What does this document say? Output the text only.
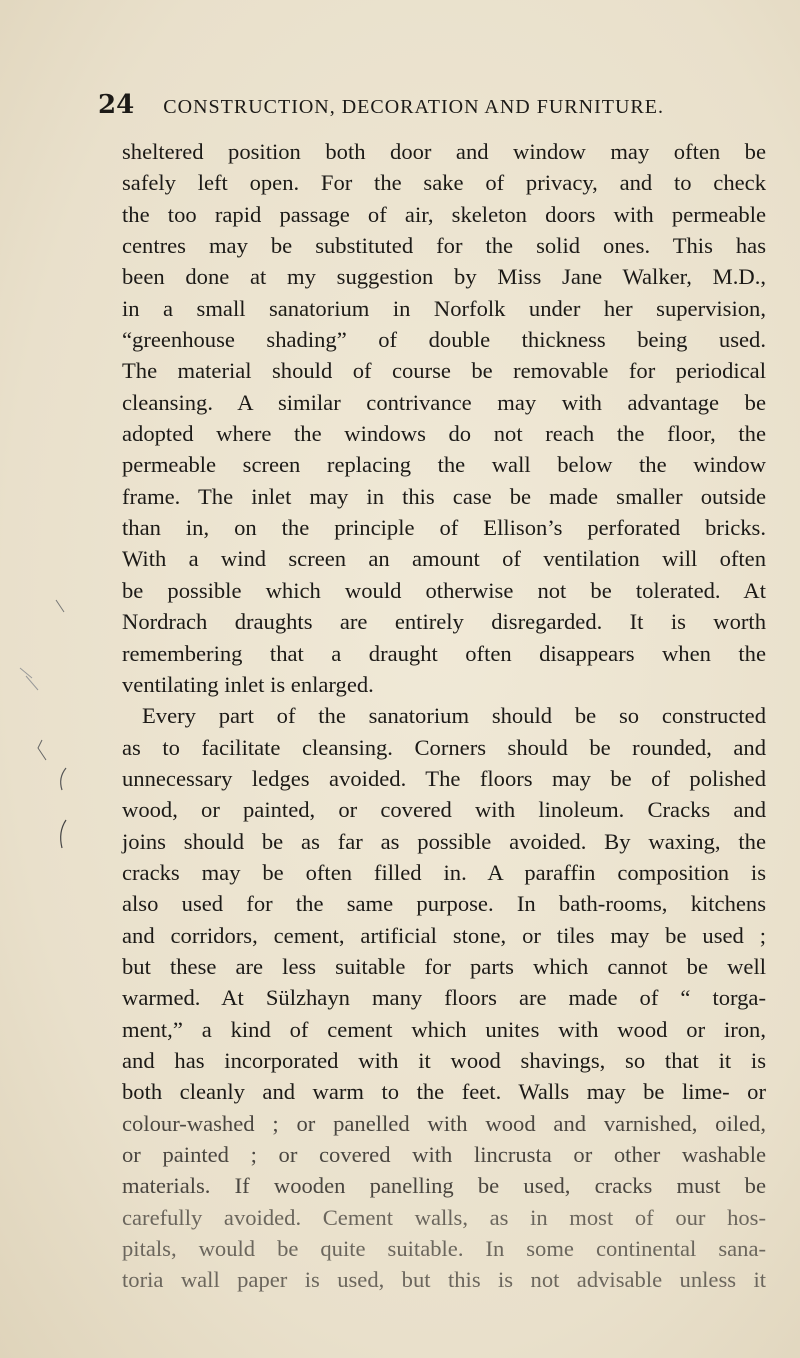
24 CONSTRUCTION, DECORATION AND FURNITURE.
sheltered position both door and window may often be
safely left open. For the sake of privacy, and to check
the too rapid passage of air, skeleton doors with permeable
centres may be substituted for the solid ones. This has
been done at my suggestion by Miss Jane Walker, M.D.,
in a small sanatorium in Norfolk under her supervision,
“greenhouse shading” of double thickness being used.
The material should of course be removable for periodical
cleansing. A similar contrivance may with advantage be
adopted where the windows do not reach the floor, the
permeable screen replacing the wall below the window
frame. The inlet may in this case be made smaller outside
than in, on the principle of Ellison’s perforated bricks.
With a wind screen an amount of ventilation will often
be possible which would otherwise not be tolerated. At
Nordrach draughts are entirely disregarded. It is worth
remembering that a draught often disappears when the
ventilating inlet is enlarged.
Every part of the sanatorium should be so constructed
as to facilitate cleansing. Corners should be rounded, and
unnecessary ledges avoided. The floors may be of polished
wood, or painted, or covered with linoleum. Cracks and
joins should be as far as possible avoided. By waxing, the
cracks may be often filled in. A paraffin composition is
also used for the same purpose. In bath-rooms, kitchens
and corridors, cement, artificial stone, or tiles may be used ;
but these are less suitable for parts which cannot be well
warmed. At Sülzhayn many floors are made of “ torga-
ment,” a kind of cement which unites with wood or iron,
and has incorporated with it wood shavings, so that it is
both cleanly and warm to the feet. Walls may be lime- or
colour-washed ; or panelled with wood and varnished, oiled,
or painted ; or covered with lincrusta or other washable
materials. If wooden panelling be used, cracks must be
carefully avoided. Cement walls, as in most of our hos-
pitals, would be quite suitable. In some continental sana-
toria wall paper is used, but this is not advisable unless it
